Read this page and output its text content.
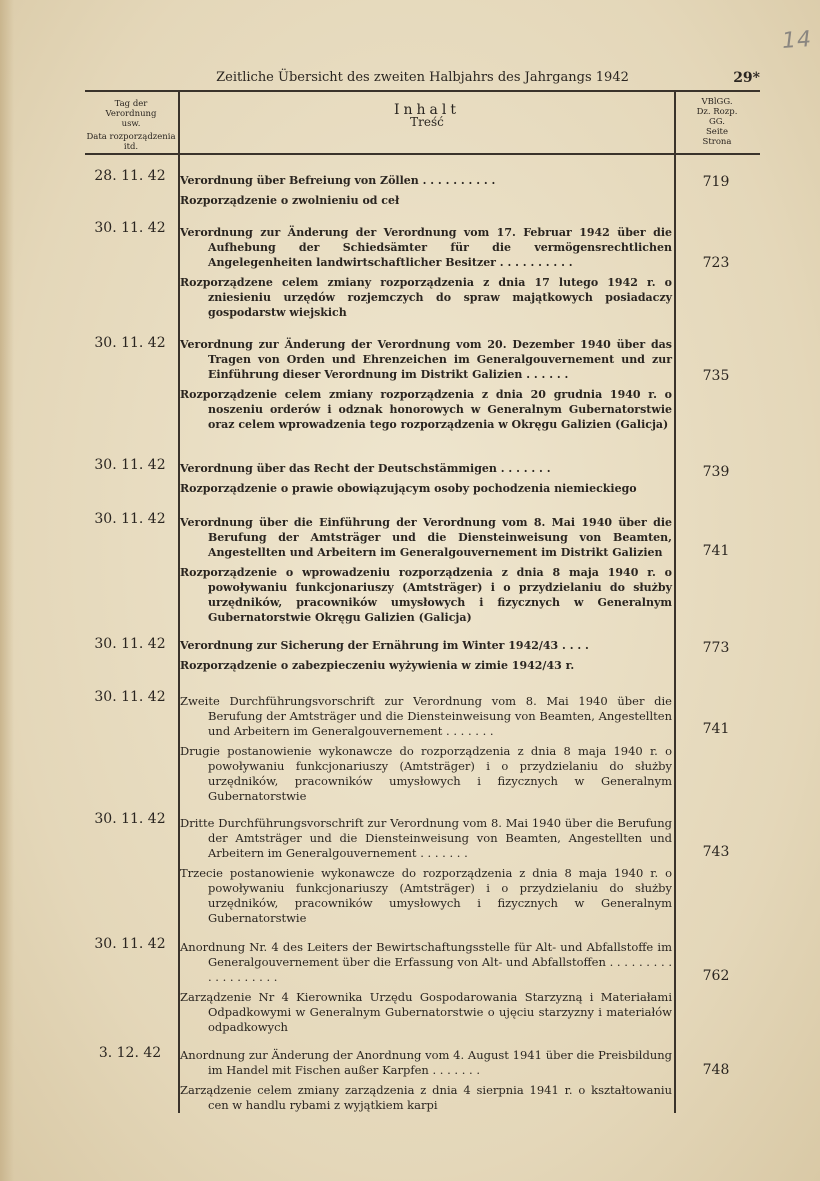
14
Zeitliche Übersicht des zweiten Halbjahrs des Jahrgangs 1942	29*
Tag der Verordnung usw.
Data rozporządzenia itd.
Inhalt
Treść
VBlGG.
Dz. Rozp.
GG.
Seite
Strona
28. 11. 42	Verordnung über Befreiung von Zöllen . . . . . . . . . .

Rozporządzenie o zwolnieniu od ceł

719
30. 11. 42	Verordnung zur Änderung der Verordnung vom 17. Februar 1942 über die Aufhebung der Schiedsämter für die vermögensrechtlichen Angelegenheiten landwirtschaftlicher Besitzer . . . . . . . . . .

Rozporządzene celem zmiany rozporządzenia z dnia 17 lutego 1942 r. o zniesieniu urzędów rozjemczych do spraw majątkowych posiadaczy gospodarstw wiejskich

723
30. 11. 42	Verordnung zur Änderung der Verordnung vom 20. Dezember 1940 über das Tragen von Orden und Ehrenzeichen im Generalgouvernement und zur Einführung dieser Verordnung im Distrikt Galizien . . . . . .

Rozporządzenie celem zmiany rozporządzenia z dnia 20 grudnia 1940 r. o noszeniu orderów i odznak honorowych w Generalnym Gubernatorstwie oraz celem wprowadzenia tego rozporządzenia w Okręgu Galizien (Galicja)

735
30. 11. 42	Verordnung über das Recht der Deutschstämmigen . . . . . . .

Rozporządzenie o prawie obowiązującym osoby pochodzenia niemieckiego

739
30. 11. 42	Verordnung über die Einführung der Verordnung vom 8. Mai 1940 über die Berufung der Amtsträger und die Diensteinweisung von Beamten, Angestellten und Arbeitern im Generalgouvernement im Distrikt Galizien

Rozporządzenie o wprowadzeniu rozporządzenia z dnia 8 maja 1940 r. o powoływaniu funkcjonariuszy (Amtsträger) i o przydzielaniu do służby urzędników, pracowników umysłowych i fizycznych w Generalnym Gubernatorstwie Okręgu Galizien (Galicja)

741
30. 11. 42	Verordnung zur Sicherung der Ernährung im Winter 1942/43 . . . .

Rozporządzenie o zabezpieczeniu wyżywienia w zimie 1942/43 r.

773
30. 11. 42	Zweite Durchführungsvorschrift zur Verordnung vom 8. Mai 1940 über die Berufung der Amtsträger und die Diensteinweisung von Beamten, Angestellten und Arbeitern im Generalgouvernement . . . . . . .

Drugie postanowienie wykonawcze do rozporządzenia z dnia 8 maja 1940 r. o powoływaniu funkcjonariuszy (Amtsträger) i o przydzielaniu do służby urzędników, pracowników umysłowych i fizycznych w Generalnym Gubernatorstwie

741
30. 11. 42	Dritte Durchführungsvorschrift zur Verordnung vom 8. Mai 1940 über die Berufung der Amtsträger und die Diensteinweisung von Beamten, Angestellten und Arbeitern im Generalgouvernement . . . . . . .

Trzecie postanowienie wykonawcze do rozporządzenia z dnia 8 maja 1940 r. o powoływaniu funkcjonariuszy (Amtsträger) i o przydzielaniu do służby urzędników, pracowników umysłowych i fizycznych w Generalnym Gubernatorstwie

743
30. 11. 42	Anordnung Nr. 4 des Leiters der Bewirtschaftungsstelle für Alt- und Abfallstoffe im Generalgouvernement über die Erfassung von Alt- und Abfallstoffen . . . . . . . . . . . . . . . . . . .

Zarządzenie Nr 4 Kierownika Urzędu Gospodarowania Starzyzną i Materiałami Odpadkowymi w Generalnym Gubernatorstwie o ujęciu starzyzny i materiałów odpadkowych

762
3. 12. 42	Anordnung zur Änderung der Anordnung vom 4. August 1941 über die Preisbildung im Handel mit Fischen außer Karpfen . . . . . . .

Zarządzenie celem zmiany zarządzenia z dnia 4 sierpnia 1941 r. o kształtowaniu cen w handlu rybami z wyjątkiem karpi

748
